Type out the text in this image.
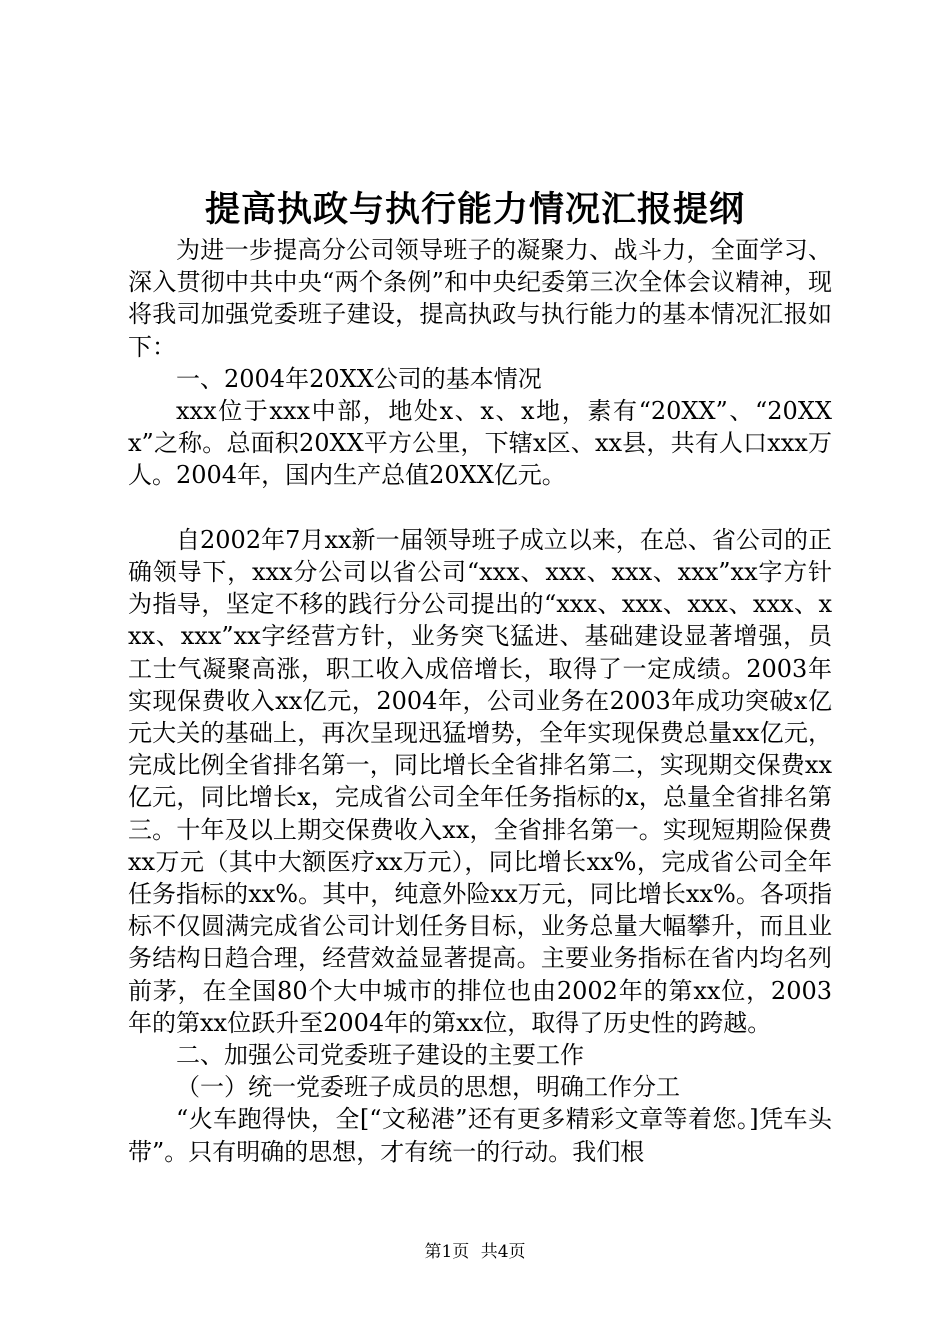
提高执政与执行能力情况汇报提纲

为进一步提高分公司领导班子的凝聚力、战斗力，全面学习、深入贯彻中共中央“两个条例”和中央纪委第三次全体会议精神，现将我司加强党委班子建设，提高执政与执行能力的基本情况汇报如下：

一、2004年20XX公司的基本情况

xxx位于xxx中部，地处x、x、x地，素有“20XX”、“20XXx”之称。总面积20XX平方公里，下辖x区、xx县，共有人口xxx万人。2004年，国内生产总值20XX亿元。

自2002年7月xx新一届领导班子成立以来，在总、省公司的正确领导下，xxx分公司以省公司“xxx、xxx、xxx、xxx”xx字方针为指导，坚定不移的践行分公司提出的“xxx、xxx、xxx、xxx、xxx、xxx”xx字经营方针，业务突飞猛进、基础建设显著增强，员工士气凝聚高涨，职工收入成倍增长，取得了一定成绩。2003年实现保费收入xx亿元，2004年，公司业务在2003年成功突破x亿元大关的基础上，再次呈现迅猛增势，全年实现保费总量xx亿元，完成比例全省排名第一，同比增长全省排名第二，实现期交保费xx亿元，同比增长x，完成省公司全年任务指标的x，总量全省排名第三。十年及以上期交保费收入xx，全省排名第一。实现短期险保费xx万元（其中大额医疗xx万元），同比增长xx%，完成省公司全年任务指标的xx%。其中，纯意外险xx万元，同比增长xx%。各项指标不仅圆满完成省公司计划任务目标，业务总量大幅攀升，而且业务结构日趋合理，经营效益显著提高。主要业务指标在省内均名列前茅，在全国80个大中城市的排位也由2002年的第xx位，2003年的第xx位跃升至2004年的第xx位，取得了历史性的跨越。

二、加强公司党委班子建设的主要工作

（一）统一党委班子成员的思想，明确工作分工

“火车跑得快，全[“文秘港”还有更多精彩文章等着您。]凭车头带”。只有明确的思想，才有统一的行动。我们根

第1页 共4页
